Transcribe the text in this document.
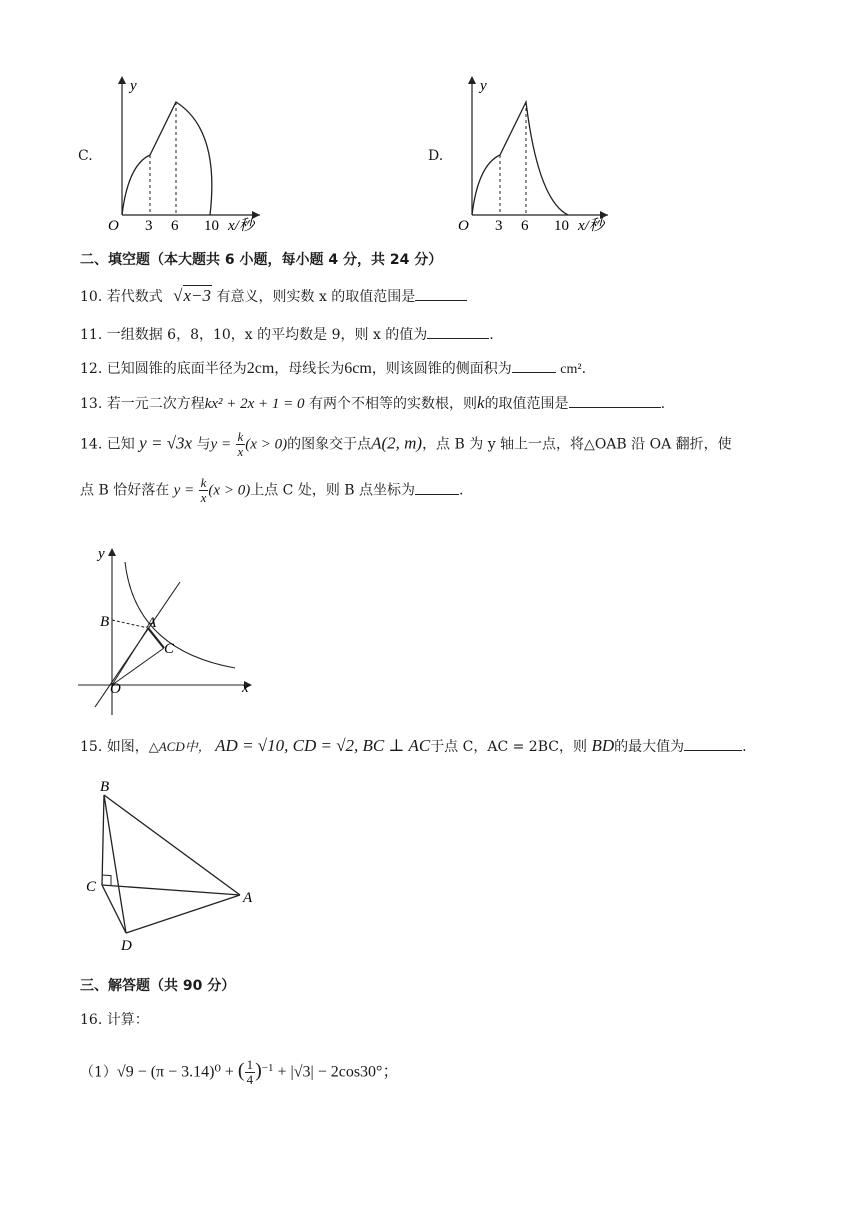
C.
y
O 3 6 10 x/秒
D.
y
O 3 6 10 x/秒
二、填空题（本大题共 6 小题，每小题 4 分，共 24 分）
10. 若代数式 √x−3 有意义，则实数 x 的取值范围是
11. 一组数据 6，8，10，x 的平均数是 9，则 x 的值为	.
12. 已知圆锥的底面半径为2cm，母线长为6cm，则该圆锥的侧面积为	cm².
13. 若一元二次方程kx² + 2x + 1 = 0 有两个不相等的实数根，则k的取值范围是	.
14. 已知 y = √3x 与$y = \frac{k}{x} (x > 0)$的图象交于点A(2, m)，点 B 为 y 轴上一点，将△OAB 沿 OA 翻折，使
点 B 恰好落在 $y = \frac{k}{x} (x > 0)$上点 C 处，则 B 点坐标为	.
y
x
O
B	A
C
15. 如图，△ACD中， AD = √10, CD = √2, BC ⊥ AC于点 C，AC = 2BC，则 BD的最大值为	.
B
C
A
D
三、解答题（共 90 分）
16. 计算：
（1）√9 − (π − 3.14)⁰ + ( $\frac{1}{4} )^{-1} + |√3| - 2\cos 30^\circ$；
